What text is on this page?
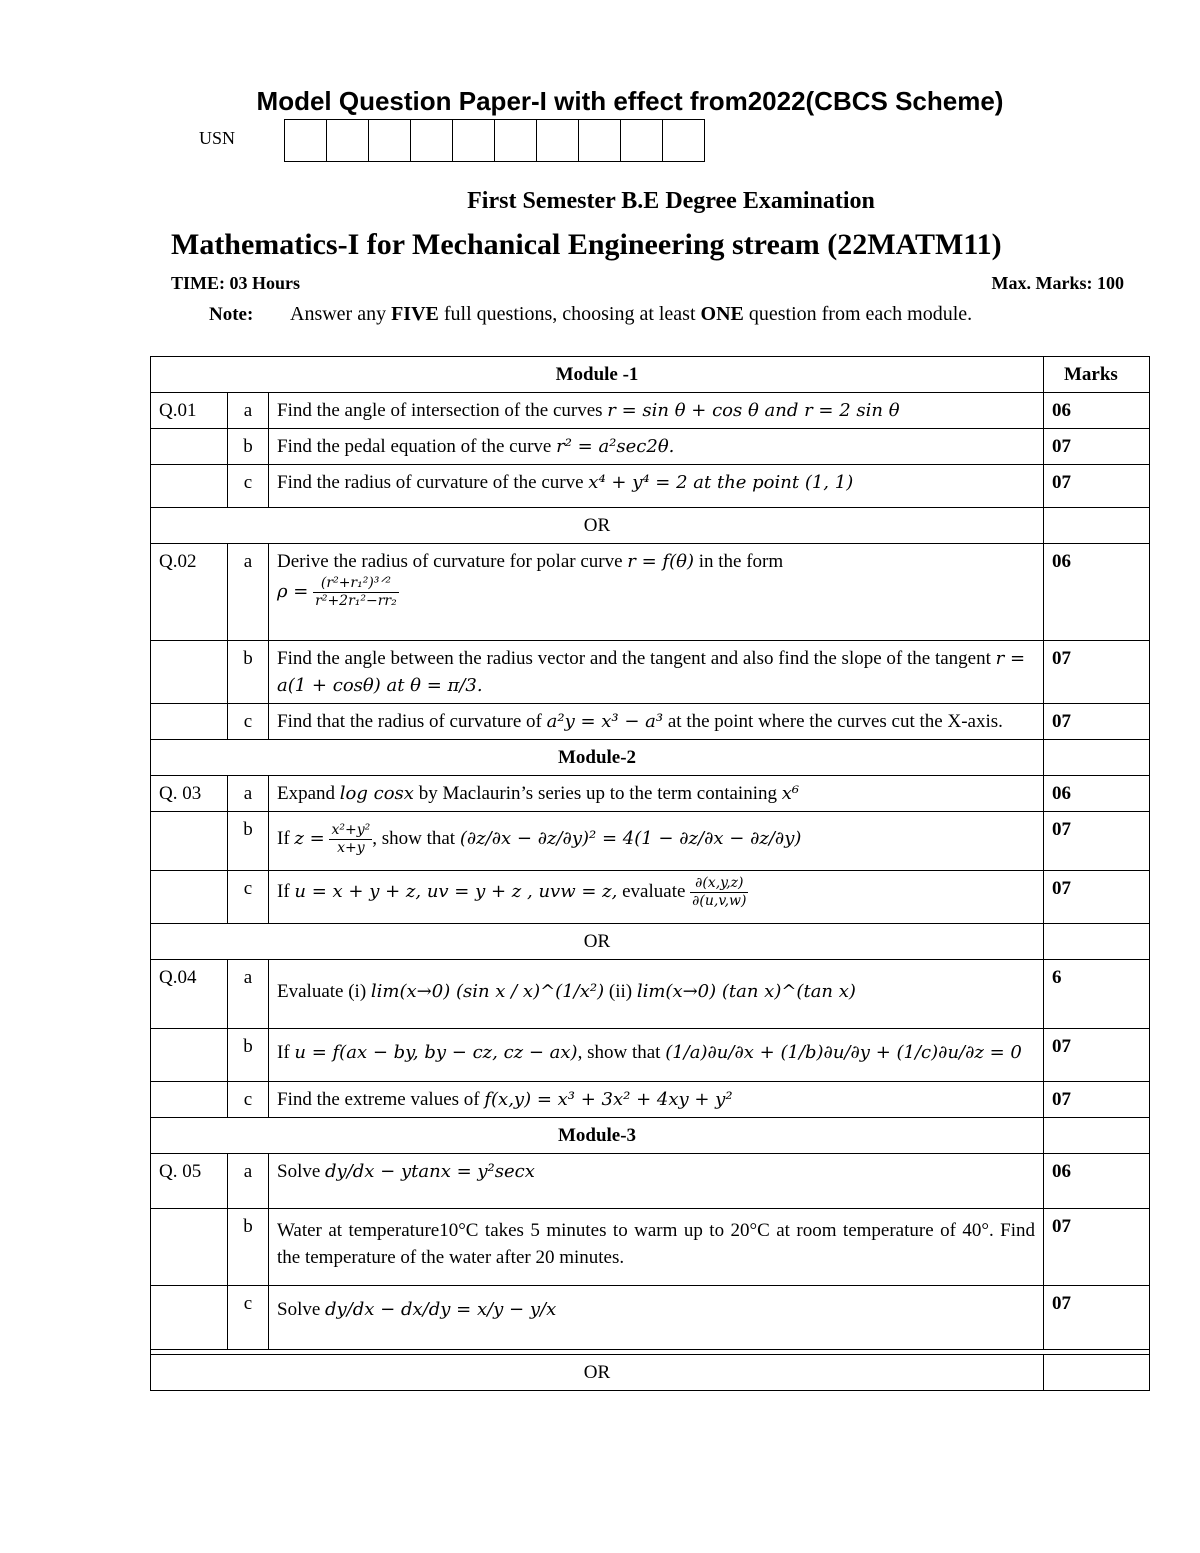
Model Question Paper-I with effect from2022(CBCS Scheme)
USN
First Semester B.E Degree Examination
Mathematics-I for Mechanical Engineering stream (22MATM11)
TIME: 03 Hours	Max. Marks: 100
Note: Answer any FIVE full questions, choosing at least ONE question from each module.
Module -1			Marks
Q.01	a	Find the angle of intersection of the curves r = sin θ + cos θ and r = 2 sin θ	06
	b	Find the pedal equation of the curve r² = a²sec2θ.	07
	c	Find the radius of curvature of the curve x⁴ + y⁴ = 2 at the point (1, 1)	07
OR			
Q.02	a	Derive the radius of curvature for polar curve r = f(θ) in the form
$\rho = \frac{\text{(r²+r₁²)³ᐟ²}}{\text{r²+2r₁²−rr₂}}$	06
	b	Find the angle between the radius vector and the tangent and also find the slope of the tangent r = a(1 + cosθ) at θ = π/3.	07
	c	Find that the radius of curvature of a²y = x³ − a³ at the point where the curves cut the X-axis.	07
Module-2			
Q. 03	a	Expand log cosx by Maclaurin’s series up to the term containing x⁶	06
	b	If $z = \frac{\text{x²+y²}}{x+y}$ , show that (∂z/∂x − ∂z/∂y)² = 4(1 − ∂z/∂x − ∂z/∂y)	07
	c	If u = x + y + z, uv = y + z , uvw = z, evaluate $\frac{\partial(x,y,z)}{\partial(u,v,w)}$	07
OR			
Q.04	a	Evaluate (i) lim(x→0) (sin x / x)^(1/x²) (ii) lim(x→0) (tan x)^(tan x)	6
	b	If u = f(ax − by, by − cz, cz − ax), show that (1/a)∂u/∂x + (1/b)∂u/∂y + (1/c)∂u/∂z = 0	07
	c	Find the extreme values of f(x,y) = x³ + 3x² + 4xy + y²	07
Module-3			
Q. 05	a	Solve dy/dx − ytanx = y²secx	06
	b	Water at temperature10°C takes 5 minutes to warm up to 20°C at room temperature of 40°. Find the temperature of the water after 20 minutes.	07
	c	Solve dy/dx − dx/dy = x/y − y/x	07

OR			
